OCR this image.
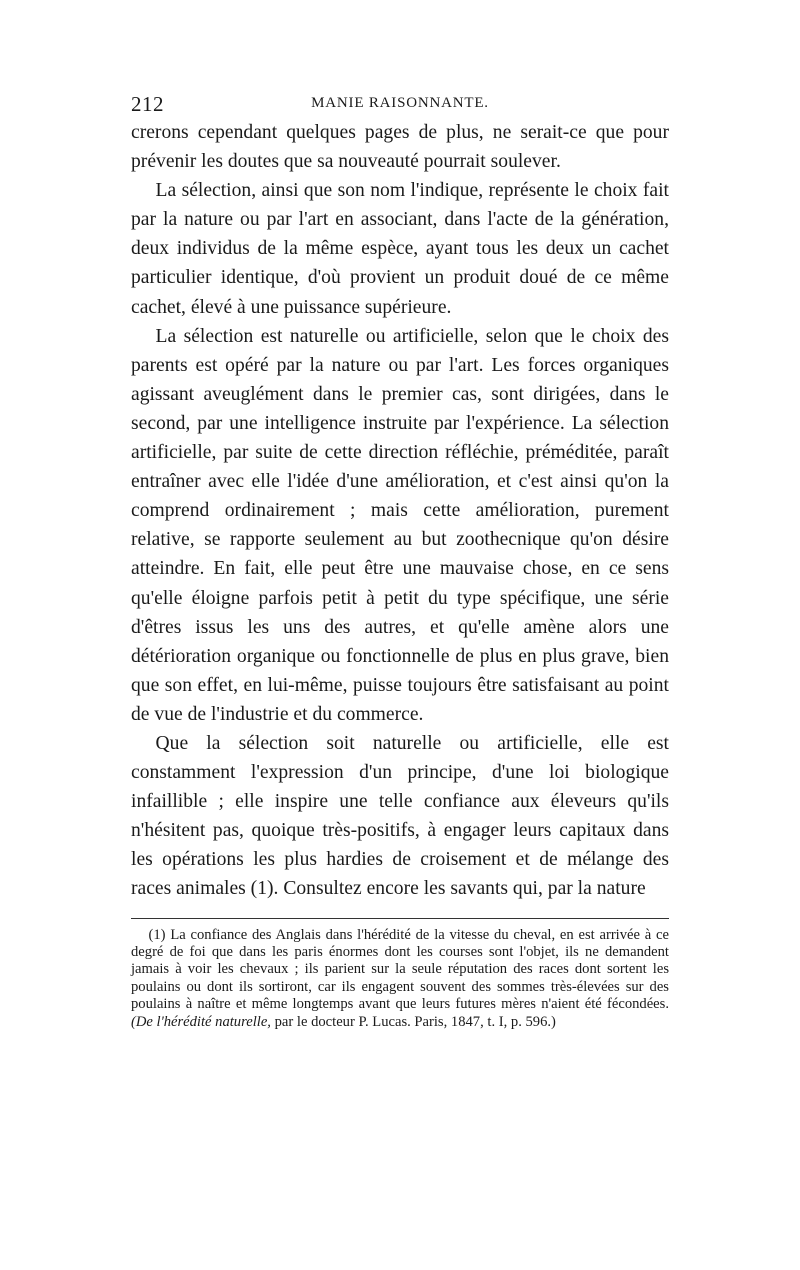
212	MANIE RAISONNANTE.

crerons cependant quelques pages de plus, ne serait-ce que pour prévenir les doutes que sa nouveauté pourrait soulever.

La sélection, ainsi que son nom l'indique, représente le choix fait par la nature ou par l'art en associant, dans l'acte de la génération, deux individus de la même espèce, ayant tous les deux un cachet particulier identique, d'où provient un produit doué de ce même cachet, élevé à une puissance supérieure.

La sélection est naturelle ou artificielle, selon que le choix des parents est opéré par la nature ou par l'art. Les forces organiques agissant aveuglément dans le premier cas, sont dirigées, dans le second, par une intelligence instruite par l'expérience. La sélection artificielle, par suite de cette direction réfléchie, préméditée, paraît entraîner avec elle l'idée d'une amélioration, et c'est ainsi qu'on la comprend ordinairement ; mais cette amélioration, purement relative, se rapporte seulement au but zoothecnique qu'on désire atteindre. En fait, elle peut être une mauvaise chose, en ce sens qu'elle éloigne parfois petit à petit du type spécifique, une série d'êtres issus les uns des autres, et qu'elle amène alors une détérioration organique ou fonctionnelle de plus en plus grave, bien que son effet, en lui-même, puisse toujours être satisfaisant au point de vue de l'industrie et du commerce.

Que la sélection soit naturelle ou artificielle, elle est constamment l'expression d'un principe, d'une loi biologique infaillible ; elle inspire une telle confiance aux éleveurs qu'ils n'hésitent pas, quoique très-positifs, à engager leurs capitaux dans les opérations les plus hardies de croisement et de mélange des races animales (1). Consultez encore les savants qui, par la nature

(1) La confiance des Anglais dans l'hérédité de la vitesse du cheval, en est arrivée à ce degré de foi que dans les paris énormes dont les courses sont l'objet, ils ne demandent jamais à voir les chevaux ; ils parient sur la seule réputation des races dont sortent les poulains ou dont ils sortiront, car ils engagent souvent des sommes très-élevées sur des poulains à naître et même longtemps avant que leurs futures mères n'aient été fécondées. (De l'hérédité naturelle, par le docteur P. Lucas. Paris, 1847, t. I, p. 596.)
